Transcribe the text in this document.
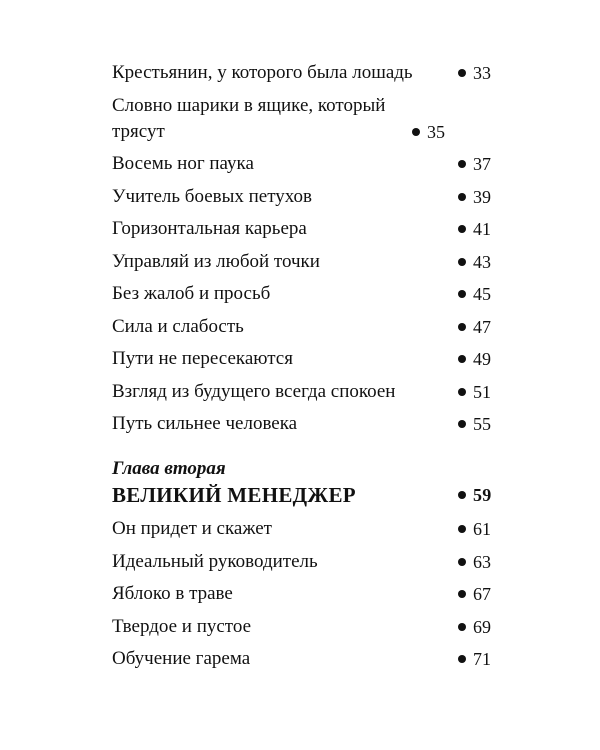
Крестьянин, у которого была лошадь	33
Словно шарики в ящике, который трясут	35
Восемь ног паука	37
Учитель боевых петухов	39
Горизонтальная карьера	41
Управляй из любой точки	43
Без жалоб и просьб	45
Сила и слабость	47
Пути не пересекаются	49
Взгляд из будущего всегда спокоен	51
Путь сильнее человека	55
Глава вторая
ВЕЛИКИЙ МЕНЕДЖЕР	59
Он придет и скажет	61
Идеальный руководитель	63
Яблоко в траве	67
Твердое и пустое	69
Обучение гарема	71
